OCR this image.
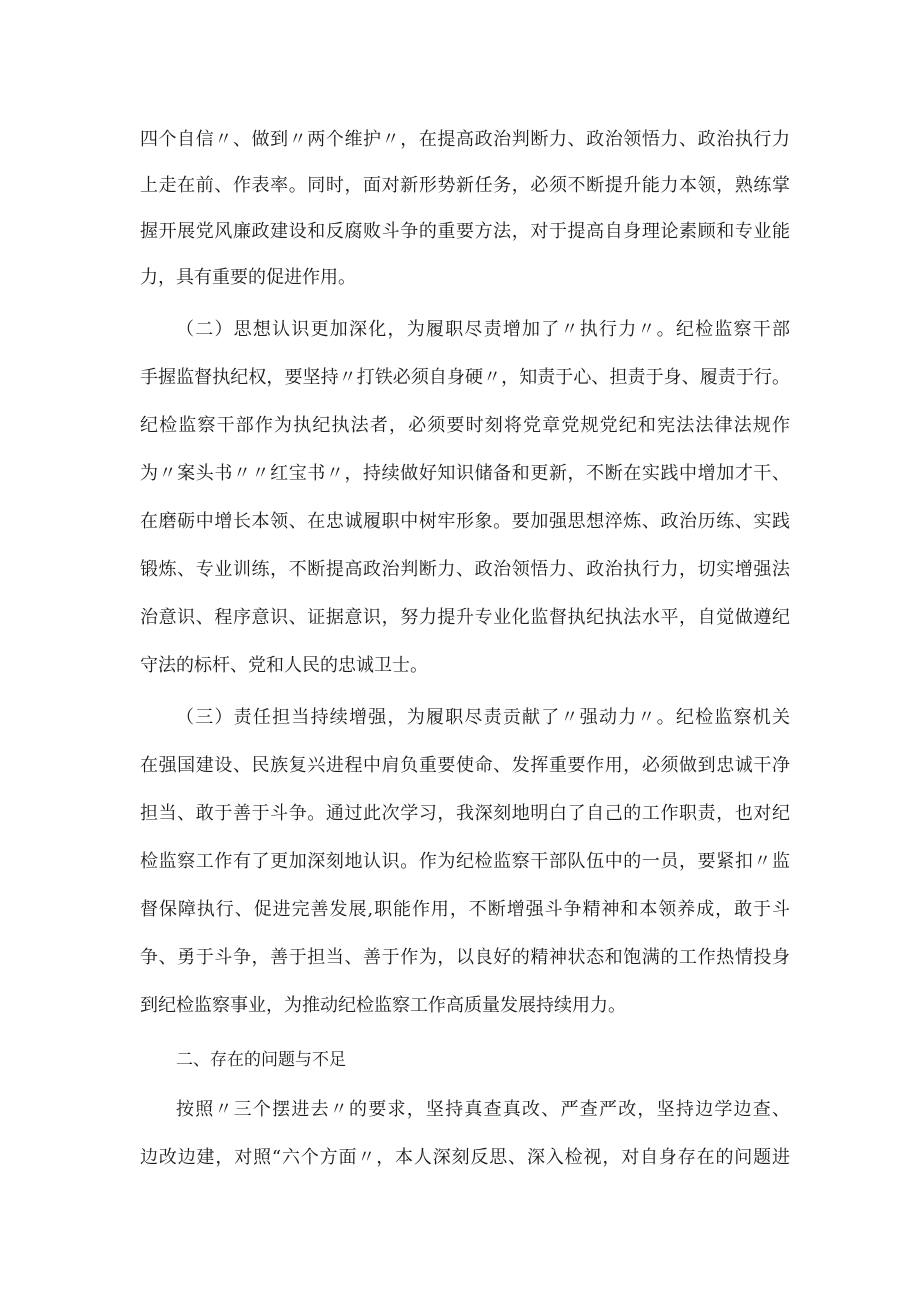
四个自信〃、做到〃两个维护〃，在提高政治判断力、政治领悟力、政治执行力
上走在前、作表率。同时，面对新形势新任务，必须不断提升能力本领，熟练掌
握开展党风廉政建设和反腐败斗争的重要方法，对于提高自身理论素顾和专业能
力，具有重要的促进作用。
（二）思想认识更加深化，为履职尽责增加了〃执行力〃。纪检监察干部
手握监督执纪权，要坚持〃打铁必须自身硬〃，知责于心、担责于身、履责于行。
纪检监察干部作为执纪执法者，必须要时刻将党章党规党纪和宪法法律法规作
为〃案头书〃〃红宝书〃，持续做好知识储备和更新，不断在实践中增加才干、
在磨砺中增长本领、在忠诚履职中树牢形象。要加强思想淬炼、政治历练、实践
锻炼、专业训练，不断提高政治判断力、政治领悟力、政治执行力，切实增强法
治意识、程序意识、证据意识，努力提升专业化监督执纪执法水平，自觉做遵纪
守法的标杆、党和人民的忠诚卫士。
（三）责任担当持续增强，为履职尽责贡献了〃强动力〃。纪检监察机关
在强国建设、民族复兴进程中肩负重要使命、发挥重要作用，必须做到忠诚干净
担当、敢于善于斗争。通过此次学习，我深刻地明白了自己的工作职责，也对纪
检监察工作有了更加深刻地认识。作为纪检监察干部队伍中的一员，要紧扣〃监
督保障执行、促进完善发展,职能作用，不断增强斗争精神和本领养成，敢于斗
争、勇于斗争，善于担当、善于作为，以良好的精神状态和饱满的工作热情投身
到纪检监察事业，为推动纪检监察工作高质量发展持续用力。
二、存在的问题与不足
按照〃三个摆进去〃的要求，坚持真查真改、严查严改，坚持边学边查、
边改边建，对照“六个方面〃，本人深刻反思、深入检视，对自身存在的问题进
